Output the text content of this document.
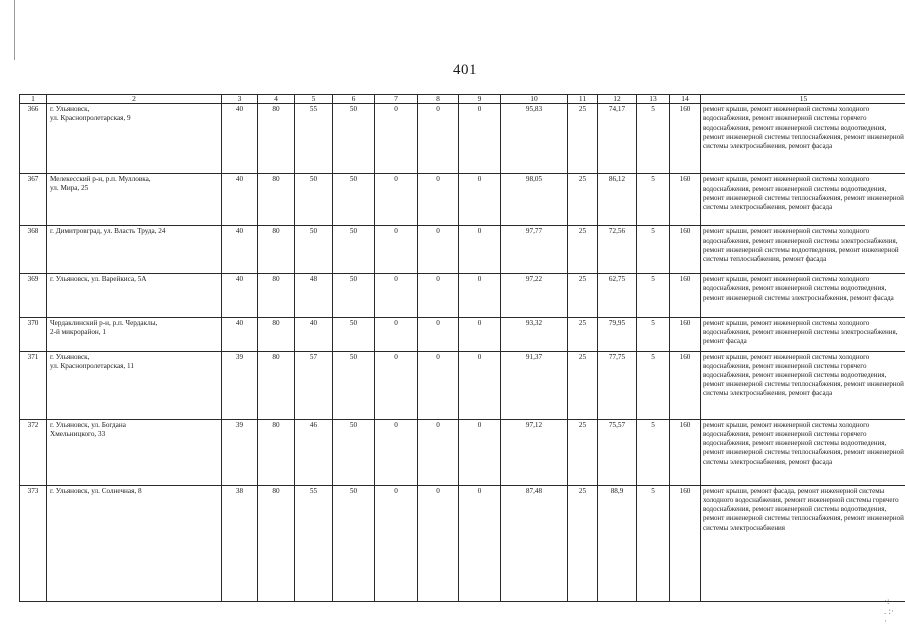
·:
. :·
·
401
1	2	3	4	5	6	7	8	9	10	11	12	13	14	15
366	г. Ульяновск,
ул. Краснопролетарская, 9	40	80	55	50	0	0	0	95,83	25	74,17	5	160	ремонт крыши, ремонт инженерной системы холодного водоснабжения, ремонт инженерной системы горячего водоснабжения, ремонт инженерной системы водоотведения, ремонт инженерной системы теплоснабжения, ремонт инженерной системы электроснабжения, ремонт фасада
367	Мелекесский р-н, р.п. Мулловка,
ул. Мира, 25	40	80	50	50	0	0	0	98,05	25	86,12	5	160	ремонт крыши, ремонт инженерной системы холодного водоснабжения, ремонт инженерной системы водоотведения, ремонт инженерной системы теплоснабжения, ремонт инженерной системы электроснабжения, ремонт фасада
368	г. Димитровград, ул. Власть Труда, 24	40	80	50	50	0	0	0	97,77	25	72,56	5	160	ремонт крыши, ремонт инженерной системы холодного водоснабжения, ремонт инженерной системы электроснабжения, ремонт инженерной системы водоотведения, ремонт инженерной системы теплоснабжения, ремонт фасада
369	г. Ульяновск, ул. Варейкиса, 5А	40	80	48	50	0	0	0	97,22	25	62,75	5	160	ремонт крыши, ремонт инженерной системы холодного водоснабжения, ремонт инженерной системы водоотведения, ремонт инженерной системы электроснабжения, ремонт фасада
370	Чердаклинский р-н, р.п. Чердаклы,
2-й микрорайон, 1	40	80	40	50	0	0	0	93,32	25	79,95	5	160	ремонт крыши, ремонт инженерной системы холодного водоснабжения, ремонт инженерной системы электроснабжения, ремонт фасада
371	г. Ульяновск,
ул. Краснопролетарская, 11	39	80	57	50	0	0	0	91,37	25	77,75	5	160	ремонт крыши, ремонт инженерной системы холодного водоснабжения, ремонт инженерной системы горячего водоснабжения, ремонт инженерной системы водоотведения, ремонт инженерной системы теплоснабжения, ремонт инженерной системы электроснабжения, ремонт фасада
372	г. Ульяновск, ул. Богдана
Хмельницкого, 33	39	80	46	50	0	0	0	97,12	25	75,57	5	160	ремонт крыши, ремонт инженерной системы холодного водоснабжения, ремонт инженерной системы горячего водоснабжения, ремонт инженерной системы водоотведения, ремонт инженерной системы теплоснабжения, ремонт инженерной системы электроснабжения, ремонт фасада
373	г. Ульяновск, ул. Солнечная, 8	38	80	55	50	0	0	0	87,48	25	88,9	5	160	ремонт крыши, ремонт фасада, ремонт инженерной системы холодного водоснабжения, ремонт инженерной системы горячего водоснабжения, ремонт инженерной системы водоотведения, ремонт инженерной системы теплоснабжения, ремонт инженерной системы электроснабжения
